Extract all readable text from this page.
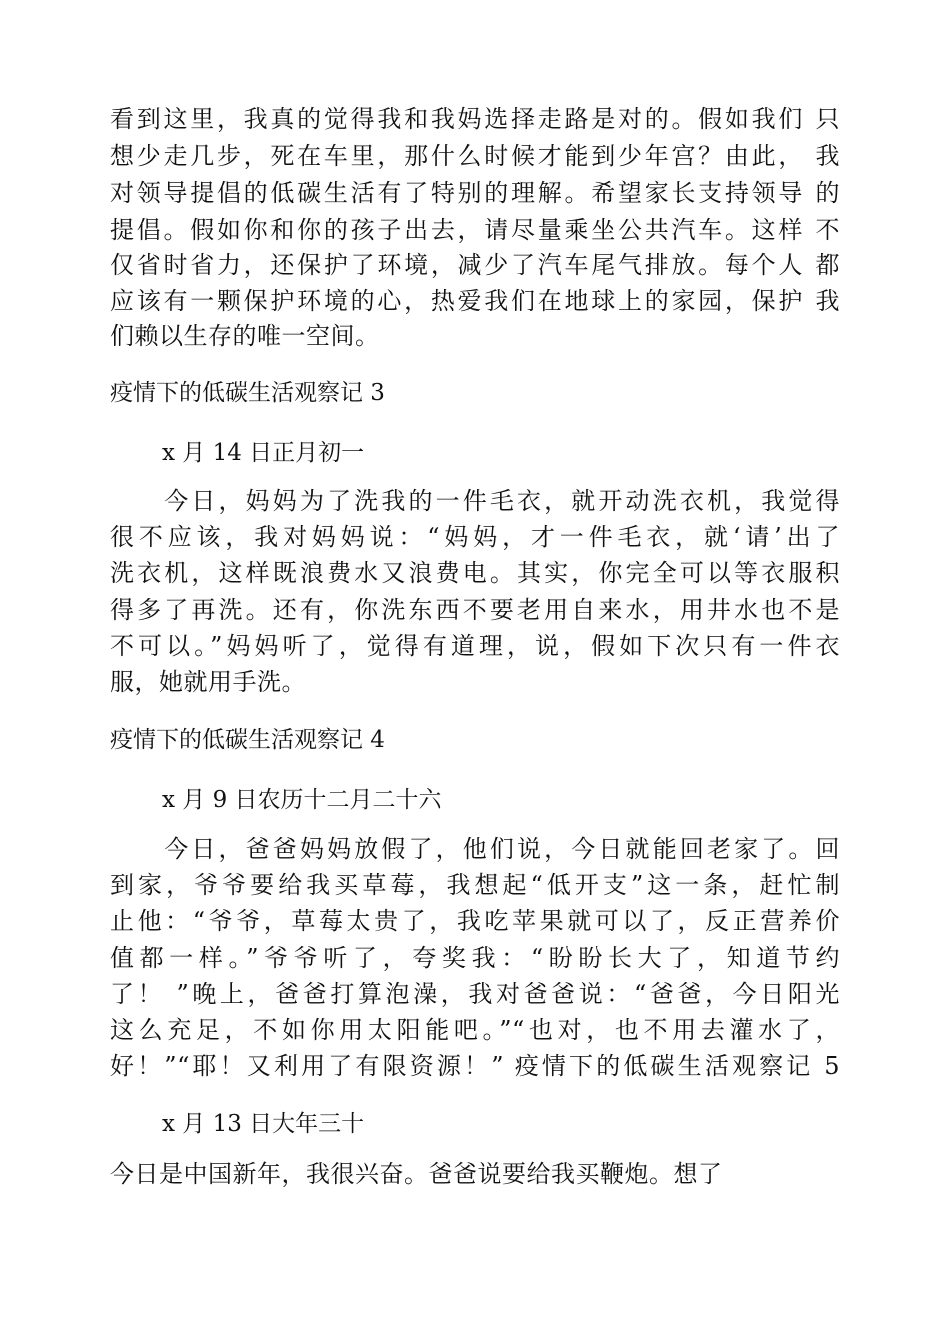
看到这里，我真的觉得我和我妈选择走路是对的。假如我们 只
想少走几步，死在车里，那什么时候才能到少年宫？由此， 我
对领导提倡的低碳生活有了特别的理解。希望家长支持领导 的
提倡。假如你和你的孩子出去，请尽量乘坐公共汽车。这样 不
仅省时省力，还保护了环境，减少了汽车尾气排放。每个人 都
应该有一颗保护环境的心，热爱我们在地球上的家园，保护 我
们赖以生存的唯一空间。
疫情下的低碳生活观察记 3
x 月 14 日正月初一
　　今日，妈妈为了洗我的一件毛衣，就开动洗衣机，我觉得
很不应该，我对妈妈说：“妈妈，才一件毛衣，就‘请’出了
洗衣机，这样既浪费水又浪费电。其实，你完全可以等衣服积
得多了再洗。还有，你洗东西不要老用自来水，用井水也不是
不可以。”妈妈听了，觉得有道理，说，假如下次只有一件衣
服，她就用手洗。
疫情下的低碳生活观察记 4
x 月 9 日农历十二月二十六
　　今日，爸爸妈妈放假了，他们说，今日就能回老家了。回
到家，爷爷要给我买草莓，我想起“低开支”这一条，赶忙制
止他：“爷爷，草莓太贵了，我吃苹果就可以了，反正营养价
值都一样。”爷爷听了，夸奖我：“盼盼长大了，知道节约
了！ ”晚上，爸爸打算泡澡，我对爸爸说：“爸爸，今日阳光
这么充足，不如你用太阳能吧。”“也对，也不用去灌水了，
好！”“耶！又利用了有限资源！” 疫情下的低碳生活观察记 5
x 月 13 日大年三十
今日是中国新年，我很兴奋。爸爸说要给我买鞭炮。想了
